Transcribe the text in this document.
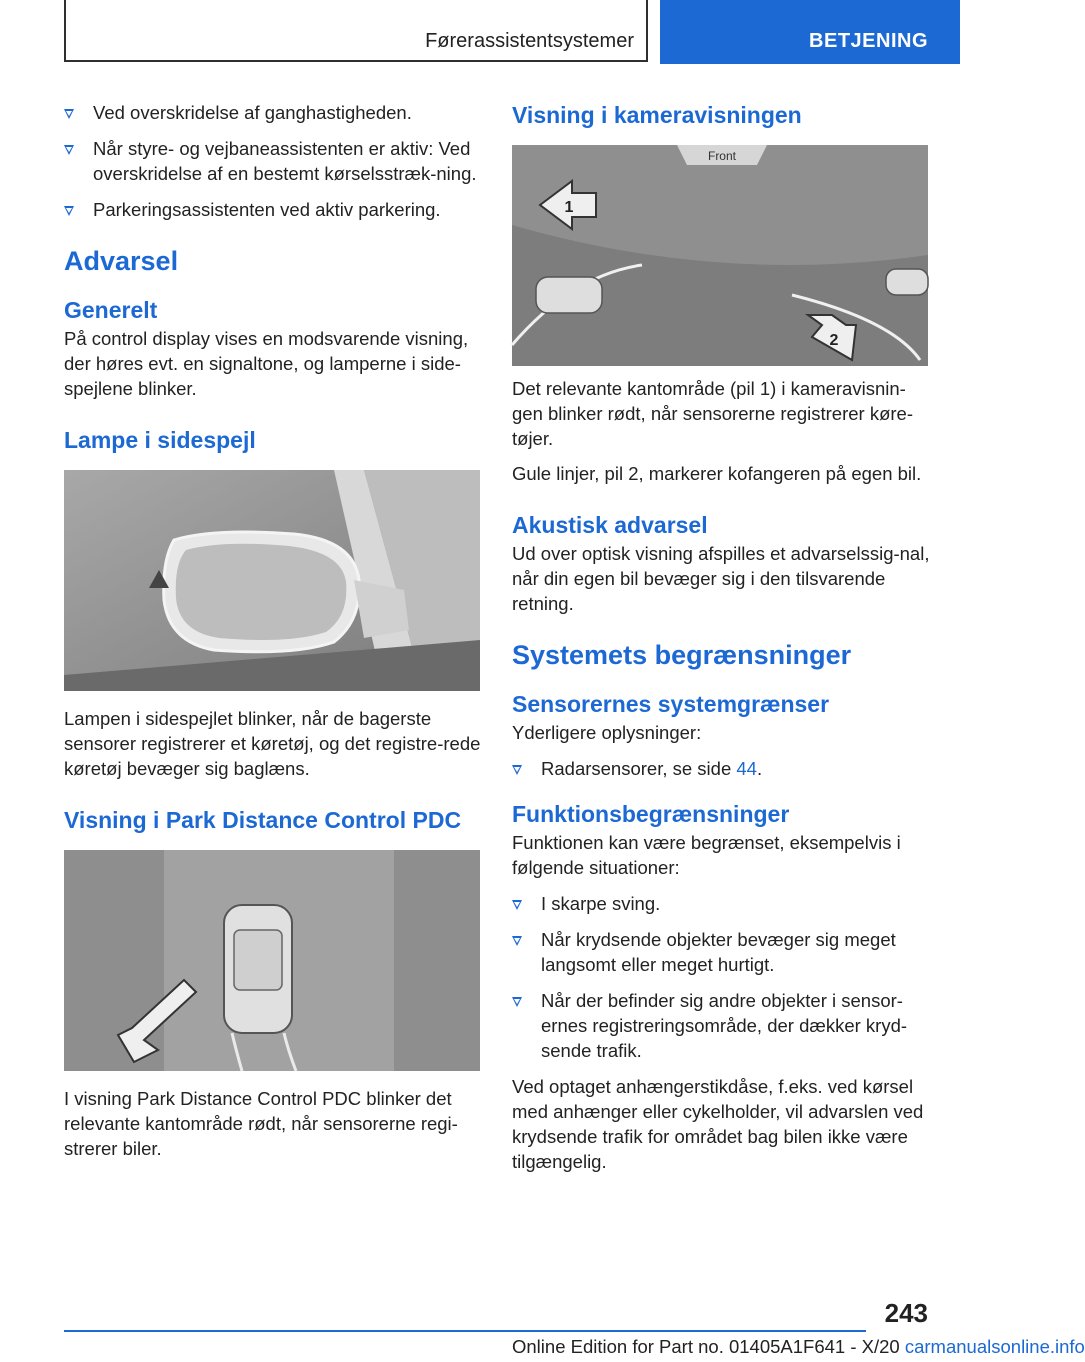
Førerassistentsystemer	BETJENING
Ved overskridelse af ganghastigheden.
Når styre- og vejbaneassistenten er aktiv: Ved overskridelse af en bestemt kørselsstræk-ning.
Parkeringsassistenten ved aktiv parkering.
Advarsel
Generelt

På control display vises en modsvarende visning, der høres evt. en signaltone, og lamperne i side-spejlene blinker.

Lampe i sidespejl

Lampen i sidespejlet blinker, når de bagerste sensorer registrerer et køretøj, og det registre-rede køretøj bevæger sig baglæns.

Visning i Park Distance Control PDC

I visning Park Distance Control PDC blinker det relevante kantområde rødt, når sensorerne regi-strerer biler.

Visning i kameravisningen
Front
1
2

Det relevante kantområde (pil 1) i kameravisnin-gen blinker rødt, når sensorerne registrerer køre-tøjer.

Gule linjer, pil 2, markerer kofangeren på egen bil.

Akustisk advarsel

Ud over optisk visning afspilles et advarselssig-nal, når din egen bil bevæger sig i den tilsvarende retning.

Systemets begrænsninger
Sensorernes systemgrænser

Yderligere oplysninger:

Radarsensorer, se side 44.
Funktionsbegrænsninger

Funktionen kan være begrænset, eksempelvis i følgende situationer:

I skarpe sving.
Når krydsende objekter bevæger sig meget langsomt eller meget hurtigt.
Når der befinder sig andre objekter i sensor-ernes registreringsområde, der dækker kryd-sende trafik.

Ved optaget anhængerstikdåse, f.eks. ved kørsel med anhænger eller cykelholder, vil advarslen ved krydsende trafik for området bag bilen ikke være tilgængelig.

243
Online Edition for Part no. 01405A1F641 - X/20 carmanualsonline.info
